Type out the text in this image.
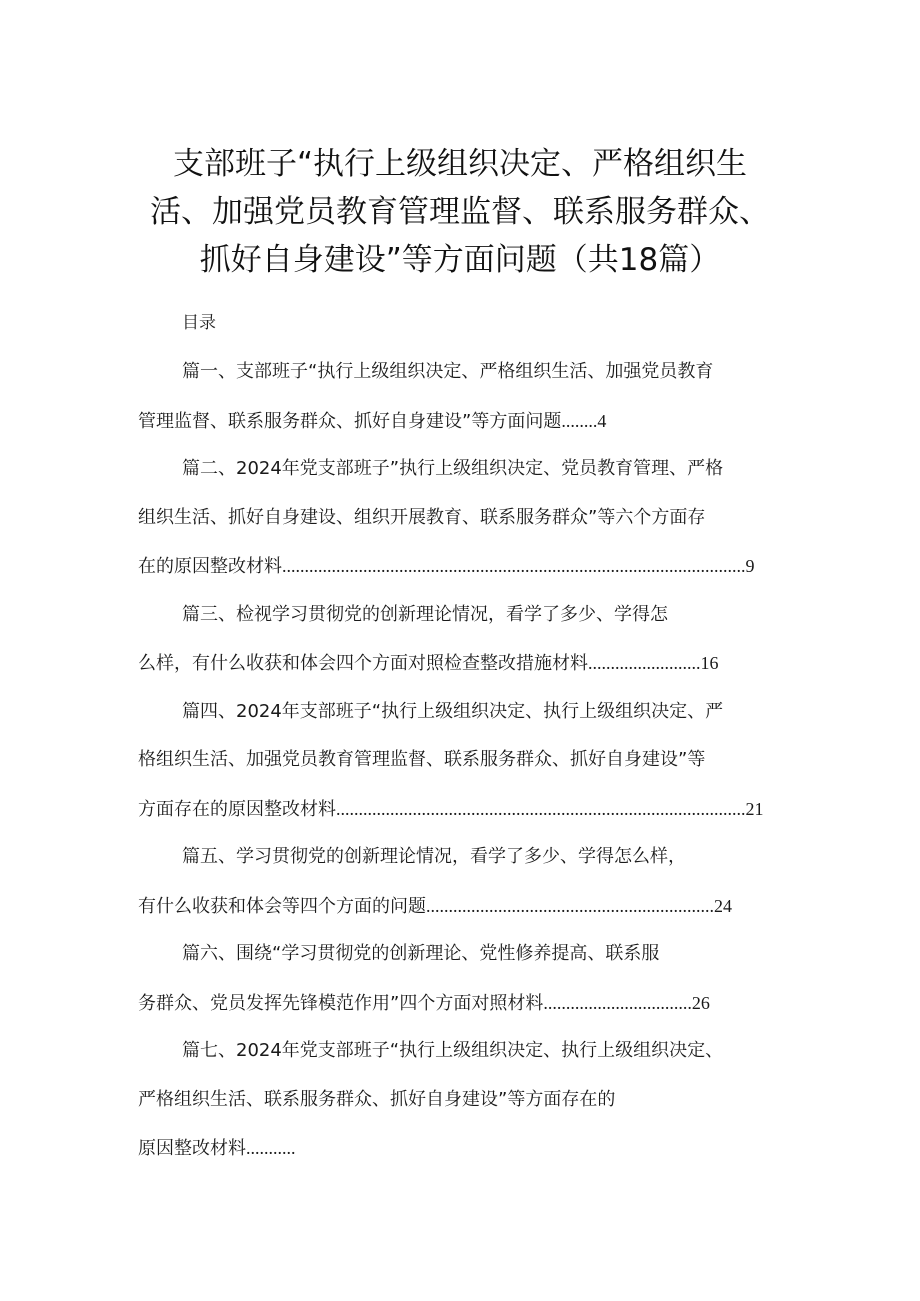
支部班子“执行上级组织决定、严格组织生
活、加强党员教育管理监督、联系服务群众、
抓好自身建设”等方面问题（共18篇）
目录
篇一、支部班子“执行上级组织决定、严格组织生活、加强党员教育
管理监督、联系服务群众、抓好自身建设”等方面问题........4
篇二、2024年党支部班子”执行上级组织决定、党员教育管理、严格
组织生活、抓好自身建设、组织开展教育、联系服务群众”等六个方面存
在的原因整改材料.......................................................................................................9
篇三、检视学习贯彻党的创新理论情况，看学了多少、学得怎
么样，有什么收获和体会四个方面对照检查整改措施材料.........................16
篇四、2024年支部班子“执行上级组织决定、执行上级组织决定、严
格组织生活、加强党员教育管理监督、联系服务群众、抓好自身建设”等
方面存在的原因整改材料...........................................................................................21
篇五、学习贯彻党的创新理论情况，看学了多少、学得怎么样，
有什么收获和体会等四个方面的问题................................................................24
篇六、围绕“学习贯彻党的创新理论、党性修养提高、联系服
务群众、党员发挥先锋模范作用”四个方面对照材料.................................26
篇七、2024年党支部班子“执行上级组织决定、执行上级组织决定、
严格组织生活、联系服务群众、抓好自身建设”等方面存在的
原因整改材料...........
